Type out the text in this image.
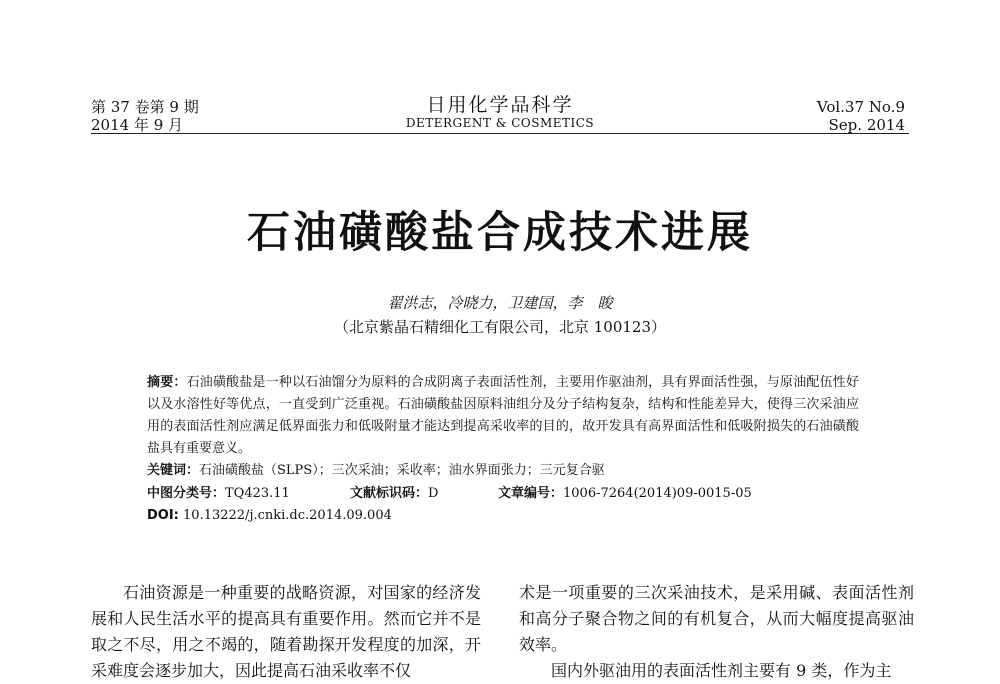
第 37 卷第 9 期
2014 年 9 月
日用化学品科学
DETERGENT & COSMETICS
Vol.37 No.9
Sep. 2014
石油磺酸盐合成技术进展
翟洪志，冷晓力，卫建国，李　睃
（北京紫晶石精细化工有限公司，北京 100123）
摘要：石油磺酸盐是一种以石油馏分为原料的合成阴离子表面活性剂，主要用作驱油剂，具有界面活性强，与原油配伍性好以及水溶性好等优点，一直受到广泛重视。石油磺酸盐因原料油组分及分子结构复杂，结构和性能差异大，使得三次采油应用的表面活性剂应满足低界面张力和低吸附量才能达到提高采收率的目的，故开发具有高界面活性和低吸附损失的石油磺酸盐具有重要意义。
关键词：石油磺酸盐（SLPS）；三次采油；采收率；油水界面张力；三元复合驱
中图分类号：TQ423.11	文献标识码：D	文章编号：1006-7264(2014)09-0015-05
DOI: 10.13222/j.cnki.dc.2014.09.004
石油资源是一种重要的战略资源，对国家的经济发展和人民生活水平的提高具有重要作用。然而它并不是取之不尽，用之不竭的，随着勘探开发程度的加深，开采难度会逐步加大，因此提高石油采收率不仅
术是一项重要的三次采油技术，是采用碱、表面活性剂和高分子聚合物之间的有机复合，从而大幅度提高驱油效率。
国内外驱油用的表面活性剂主要有 9 类，作为主
